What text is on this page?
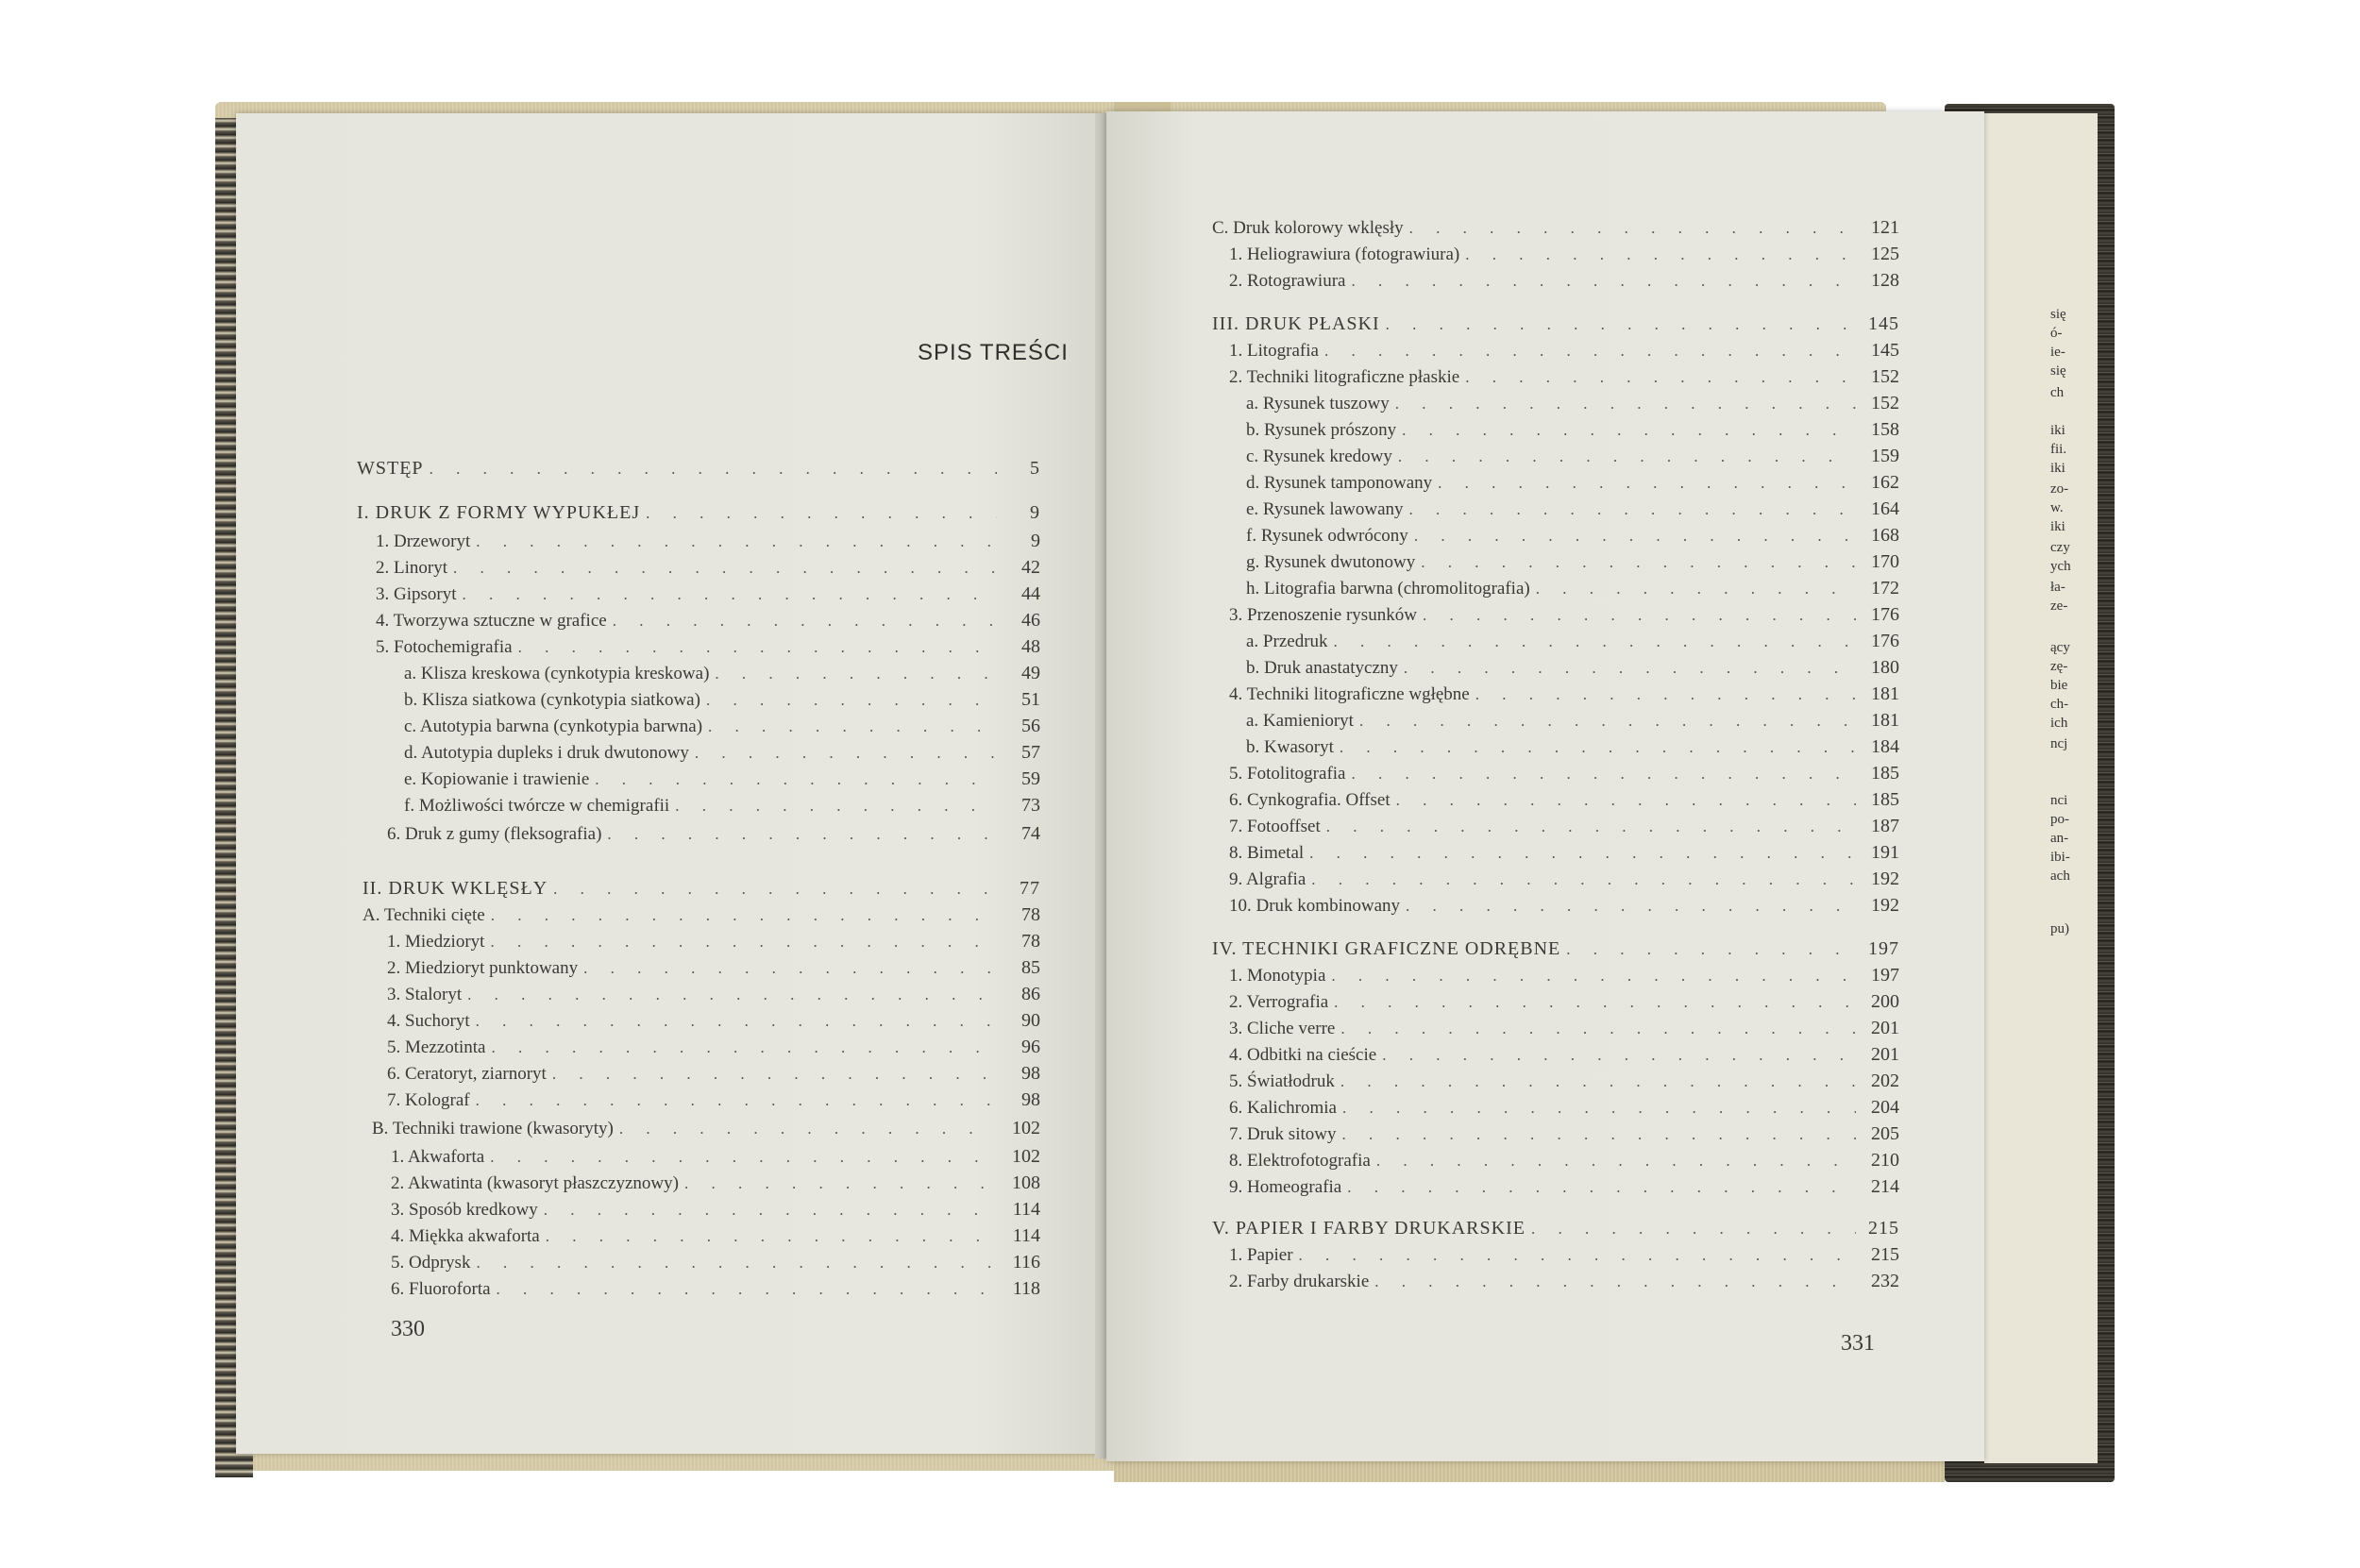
się
ó-
ie-
się
ch
iki
fii.
iki
zo-
w.
iki
czy
ych
ła-
ze-
ący
zę-
bie
ch-
ich
ncj
nci
po-
an-
ibi-
ach
pu)
SPIS TREŚCI
WSTĘP . . .	5
I. DRUK Z FORMY WYPUKŁEJ . . .	9
1. Drzeworyt . . .	9
2. Linoryt . . .	42
3. Gipsoryt . . .	44
4. Tworzywa sztuczne w grafice . . .	46
5. Fotochemigrafia . . .	48
a. Klisza kreskowa (cynkotypia kreskowa) . . .	49
b. Klisza siatkowa (cynkotypia siatkowa) . . .	51
c. Autotypia barwna (cynkotypia barwna) . . .	56
d. Autotypia dupleks i druk dwutonowy . . .	57
e. Kopiowanie i trawienie . . .	59
f. Możliwości twórcze w chemigrafii . . .	73
6. Druk z gumy (fleksografia) . . .	74
II. DRUK WKLĘSŁY . . .	77
A. Techniki cięte . . .	78
1. Miedzioryt . . .	78
2. Miedzioryt punktowany . . .	85
3. Staloryt . . .	86
4. Suchoryt . . .	90
5. Mezzotinta . . .	96
6. Ceratoryt, ziarnoryt . . .	98
7. Kolograf . . .	98
B. Techniki trawione (kwasoryty) . . .	102
1. Akwaforta . . .	102
2. Akwatinta (kwasoryt płaszczyznowy) . . .	108
3. Sposób kredkowy . . .	114
4. Miękka akwaforta . . .	114
5. Odprysk . . .	116
6. Fluoroforta . . .	118
330
C. Druk kolorowy wklęsły . . .	121
1. Heliograwiura (fotograwiura) . . .	125
2. Rotograwiura . . .	128
III. DRUK PŁASKI . . .	145
1. Litografia . . .	145
2. Techniki litograficzne płaskie . . .	152
a. Rysunek tuszowy . . .	152
b. Rysunek prószony . . .	158
c. Rysunek kredowy . . .	159
d. Rysunek tamponowany . . .	162
e. Rysunek lawowany . . .	164
f. Rysunek odwrócony . . .	168
g. Rysunek dwutonowy . . .	170
h. Litografia barwna (chromolitografia) . . .	172
3. Przenoszenie rysunków . . .	176
a. Przedruk . . .	176
b. Druk anastatyczny . . .	180
4. Techniki litograficzne wgłębne . . .	181
a. Kamienioryt . . .	181
b. Kwasoryt . . .	184
5. Fotolitografia . . .	185
6. Cynkografia. Offset . . .	185
7. Fotooffset . . .	187
8. Bimetal . . .	191
9. Algrafia . . .	192
10. Druk kombinowany . . .	192
IV. TECHNIKI GRAFICZNE ODRĘBNE . . .	197
1. Monotypia . . .	197
2. Verrografia . . .	200
3. Cliche verre . . .	201
4. Odbitki na cieście . . .	201
5. Światłodruk . . .	202
6. Kalichromia . . .	204
7. Druk sitowy . . .	205
8. Elektrofotografia . . .	210
9. Homeografia . . .	214
V. PAPIER I FARBY DRUKARSKIE . . .	215
1. Papier . . .	215
2. Farby drukarskie . . .	232
331
